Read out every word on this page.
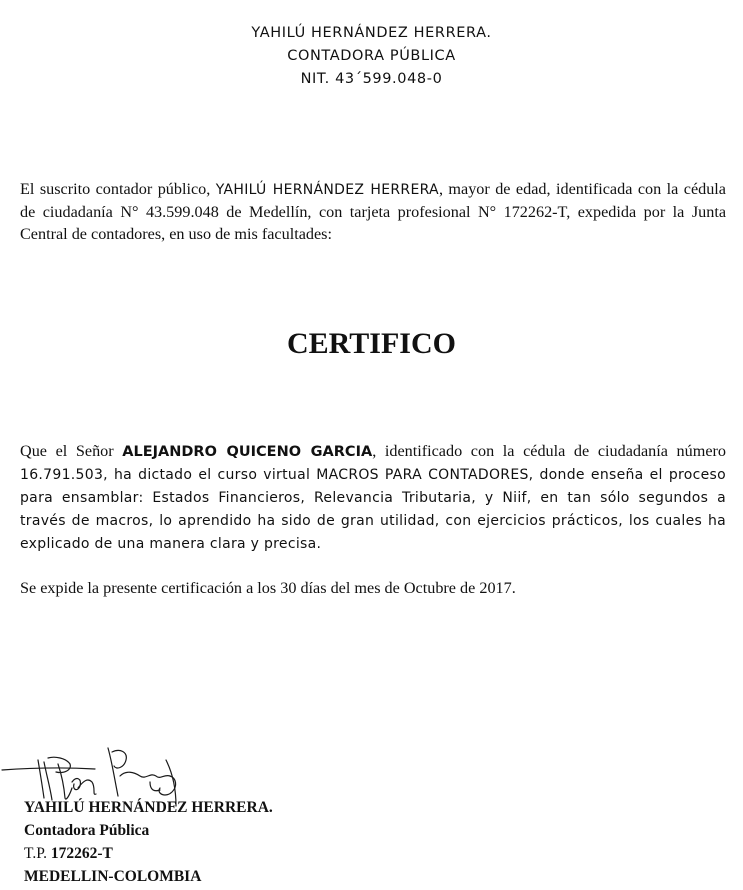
YAHILÚ HERNÁNDEZ HERRERA.
CONTADORA PÚBLICA
NIT. 43´599.048-0
El suscrito contador público, YAHILÚ HERNÁNDEZ HERRERA, mayor de edad, identificada con la cédula de ciudadanía N° 43.599.048 de Medellín, con tarjeta profesional N° 172262-T, expedida por la Junta Central de contadores, en uso de mis facultades:
CERTIFICO
Que el Señor ALEJANDRO QUICENO GARCIA, identificado con la cédula de ciudadanía número 16.791.503, ha dictado el curso virtual MACROS PARA CONTADORES, donde enseña el proceso para ensamblar: Estados Financieros, Relevancia Tributaria, y Niif, en tan sólo segundos a través de macros, lo aprendido ha sido de gran utilidad, con ejercicios prácticos, los cuales ha explicado de una manera clara y precisa.
Se expide la presente certificación a los 30 días del mes de Octubre de 2017.
YAHILÚ HERNÁNDEZ HERRERA.
Contadora Pública
T.P. 172262-T
MEDELLIN-COLOMBIA
